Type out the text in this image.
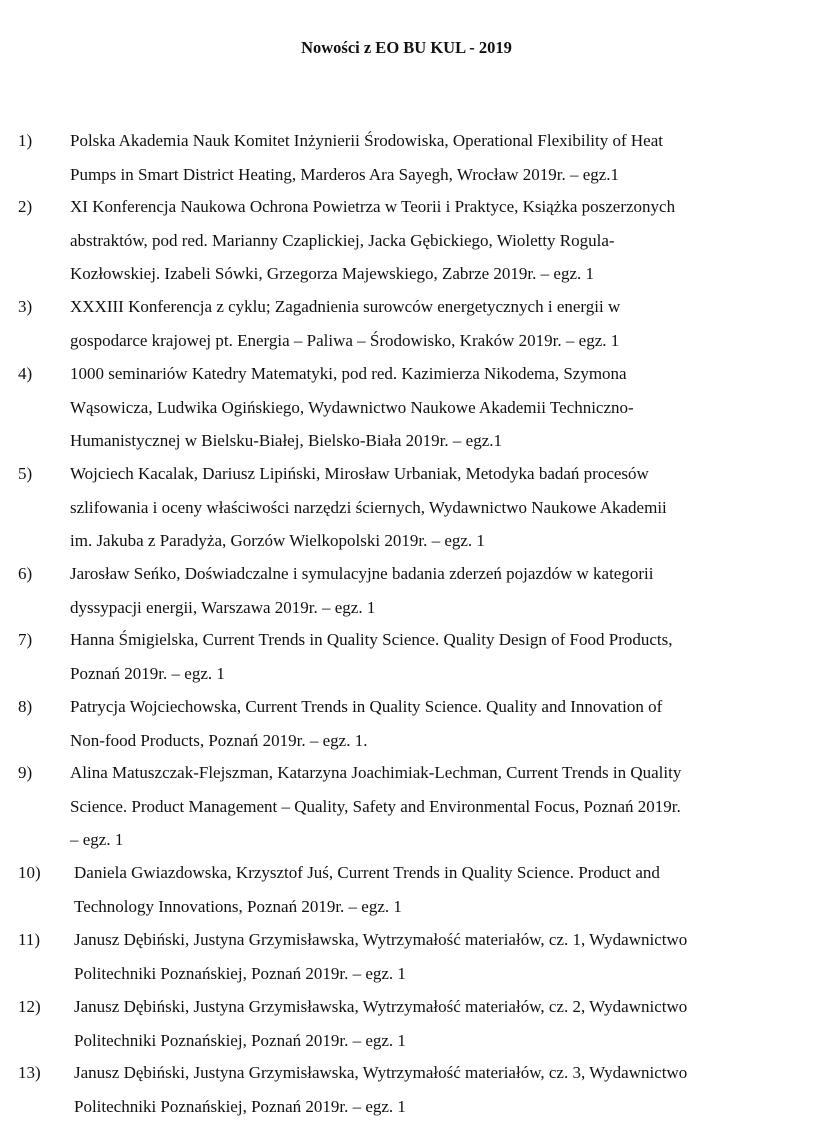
Nowości z EO BU KUL - 2019
1)	Polska Akademia Nauk Komitet Inżynierii Środowiska, Operational Flexibility of Heat
Pumps in Smart District Heating, Marderos Ara Sayegh, Wrocław 2019r. – egz.1
2)	XI Konferencja Naukowa Ochrona Powietrza w Teorii i Praktyce, Książka poszerzonych
abstraktów, pod red. Marianny Czaplickiej, Jacka Gębickiego, Wioletty Rogula-
Kozłowskiej. Izabeli Sówki, Grzegorza Majewskiego, Zabrze 2019r. – egz. 1
3)	XXXIII Konferencja z cyklu; Zagadnienia surowców energetycznych i energii w
gospodarce krajowej pt. Energia – Paliwa – Środowisko, Kraków 2019r. – egz. 1
4)	1000 seminariów Katedry Matematyki, pod red. Kazimierza Nikodema, Szymona
Wąsowicza, Ludwika Ogińskiego, Wydawnictwo Naukowe Akademii Techniczno-
Humanistycznej w Bielsku-Białej, Bielsko-Biała 2019r. – egz.1
5)	Wojciech Kacalak, Dariusz Lipiński, Mirosław Urbaniak, Metodyka badań procesów
szlifowania i oceny właściwości narzędzi ściernych, Wydawnictwo Naukowe Akademii
im. Jakuba z Paradyża, Gorzów Wielkopolski 2019r. – egz. 1
6)	Jarosław Seńko, Doświadczalne i symulacyjne badania zderzeń pojazdów w kategorii
dyssypacji energii, Warszawa 2019r. – egz. 1
7)	Hanna Śmigielska, Current Trends in Quality Science. Quality Design of Food Products,
Poznań 2019r. – egz. 1
8)	Patrycja Wojciechowska, Current Trends in Quality Science. Quality and Innovation of
Non-food Products, Poznań 2019r. – egz. 1.
9)	Alina Matuszczak-Flejszman, Katarzyna Joachimiak-Lechman, Current Trends in Quality
Science. Product Management – Quality, Safety and Environmental Focus, Poznań 2019r.
– egz. 1
10)	Daniela Gwiazdowska, Krzysztof Juś, Current Trends in Quality Science. Product and
Technology Innovations, Poznań 2019r. – egz. 1
11)	Janusz Dębiński, Justyna Grzymisławska, Wytrzymałość materiałów, cz. 1, Wydawnictwo
Politechniki Poznańskiej, Poznań 2019r. – egz. 1
12)	Janusz Dębiński, Justyna Grzymisławska, Wytrzymałość materiałów, cz. 2, Wydawnictwo
Politechniki Poznańskiej, Poznań 2019r. – egz. 1
13)	Janusz Dębiński, Justyna Grzymisławska, Wytrzymałość materiałów, cz. 3, Wydawnictwo
Politechniki Poznańskiej, Poznań 2019r. – egz. 1
